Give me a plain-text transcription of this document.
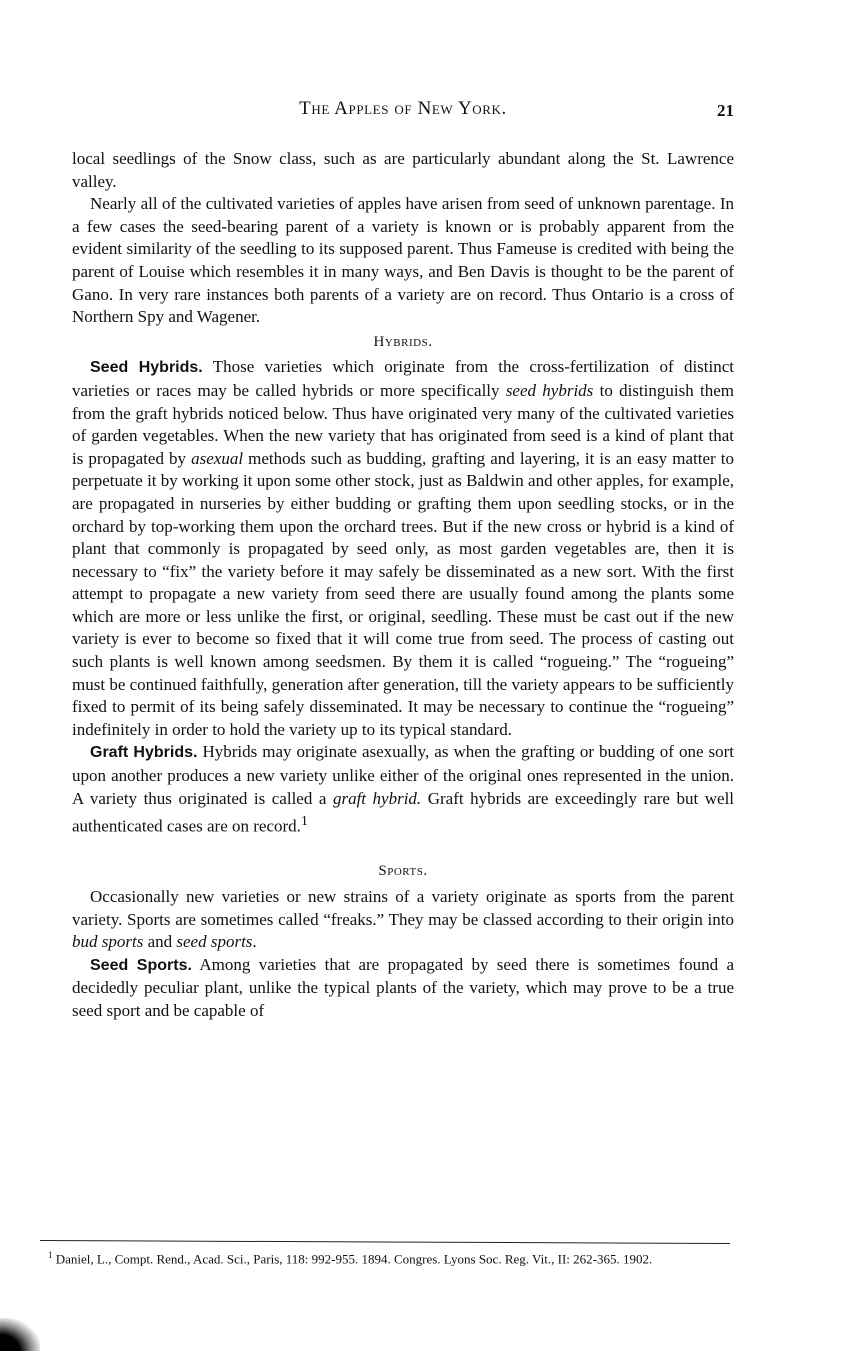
The Apples of New York.	21

local seedlings of the Snow class, such as are particularly abundant along the St. Lawrence valley.

Nearly all of the cultivated varieties of apples have arisen from seed of unknown parentage. In a few cases the seed-bearing parent of a variety is known or is probably apparent from the evident similarity of the seedling to its supposed parent. Thus Fameuse is credited with being the parent of Louise which resembles it in many ways, and Ben Davis is thought to be the parent of Gano. In very rare instances both parents of a variety are on record. Thus Ontario is a cross of Northern Spy and Wagener.

Hybrids.

Seed Hybrids. Those varieties which originate from the cross-fertilization of distinct varieties or races may be called hybrids or more specifically seed hybrids to distinguish them from the graft hybrids noticed below. Thus have originated very many of the cultivated varieties of garden vegetables. When the new variety that has originated from seed is a kind of plant that is propagated by asexual methods such as budding, grafting and layering, it is an easy matter to perpetuate it by working it upon some other stock, just as Baldwin and other apples, for example, are propagated in nurseries by either budding or grafting them upon seedling stocks, or in the orchard by top-working them upon the orchard trees. But if the new cross or hybrid is a kind of plant that commonly is propagated by seed only, as most garden vegetables are, then it is necessary to “fix” the variety before it may safely be disseminated as a new sort. With the first attempt to propagate a new variety from seed there are usually found among the plants some which are more or less unlike the first, or original, seedling. These must be cast out if the new variety is ever to become so fixed that it will come true from seed. The process of casting out such plants is well known among seedsmen. By them it is called “rogueing.” The “rogueing” must be continued faithfully, generation after generation, till the variety appears to be sufficiently fixed to permit of its being safely disseminated. It may be necessary to continue the “rogueing” indefinitely in order to hold the variety up to its typical standard.

Graft Hybrids. Hybrids may originate asexually, as when the grafting or budding of one sort upon another produces a new variety unlike either of the original ones represented in the union. A variety thus originated is called a graft hybrid. Graft hybrids are exceedingly rare but well authenticated cases are on record.$^1$

Sports.

Occasionally new varieties or new strains of a variety originate as sports from the parent variety. Sports are sometimes called “freaks.” They may be classed according to their origin into bud sports and seed sports.

Seed Sports. Among varieties that are propagated by seed there is sometimes found a decidedly peculiar plant, unlike the typical plants of the variety, which may prove to be a true seed sport and be capable of

$^1$ Daniel, L., Compt. Rend., Acad. Sci., Paris, 118: 992-955. 1894. Congres. Lyons Soc. Reg. Vit., II: 262-365. 1902.
